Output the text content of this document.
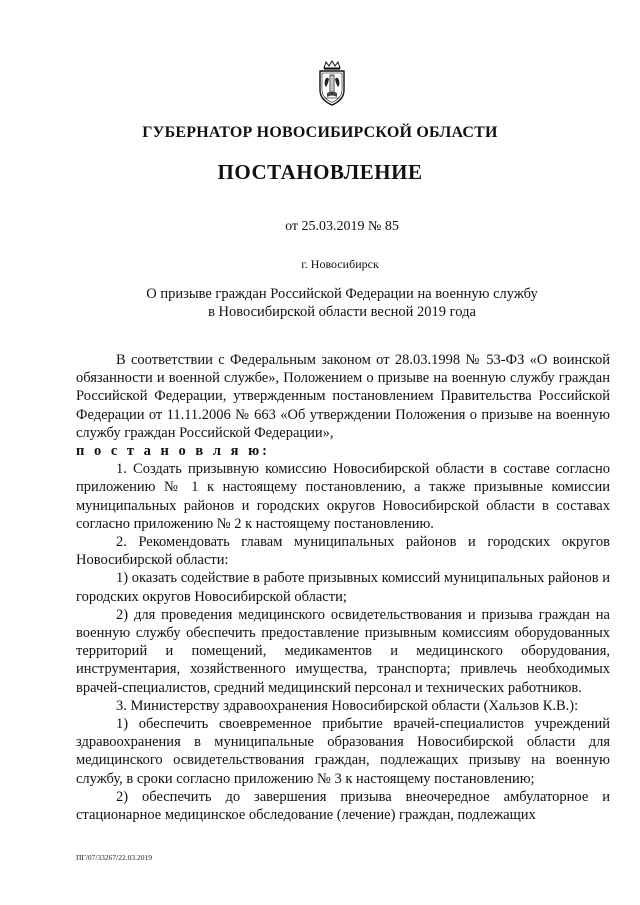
ГУБЕРНАТОР НОВОСИБИРСКОЙ ОБЛАСТИ
ПОСТАНОВЛЕНИЕ
от 25.03.2019 № 85
г. Новосибирск
О призыве граждан Российской Федерации на военную службу
в Новосибирской области весной 2019 года

В соответствии с Федеральным законом от 28.03.1998 № 53-ФЗ «О воинской обязанности и военной службе», Положением о призыве на военную службу граждан Российской Федерации, утвержденным постановлением Правительства Российской Федерации от 11.11.2006 № 663 «Об утверждении Положения о призыве на военную службу граждан Российской Федерации»,

п о с т а н о в л я ю:

1. Создать призывную комиссию Новосибирской области в составе согласно приложению № 1 к настоящему постановлению, а также призывные комиссии муниципальных районов и городских округов Новосибирской области в составах согласно приложению № 2 к настоящему постановлению.

2. Рекомендовать главам муниципальных районов и городских округов Новосибирской области:

1) оказать содействие в работе призывных комиссий муниципальных районов и городских округов Новосибирской области;

2) для проведения медицинского освидетельствования и призыва граждан на военную службу обеспечить предоставление призывным комиссиям оборудованных территорий и помещений, медикаментов и медицинского оборудования, инструментария, хозяйственного имущества, транспорта; привлечь необходимых врачей-специалистов, средний медицинский персонал и технических работников.

3. Министерству здравоохранения Новосибирской области (Хальзов К.В.):

1) обеспечить своевременное прибытие врачей-специалистов учреждений здравоохранения в муниципальные образования Новосибирской области для медицинского освидетельствования граждан, подлежащих призыву на военную службу, в сроки согласно приложению № 3 к настоящему постановлению;

2) обеспечить до завершения призыва внеочередное амбулаторное и стационарное медицинское обследование (лечение) граждан, подлежащих

ПГ/07/33267/22.03.2019
